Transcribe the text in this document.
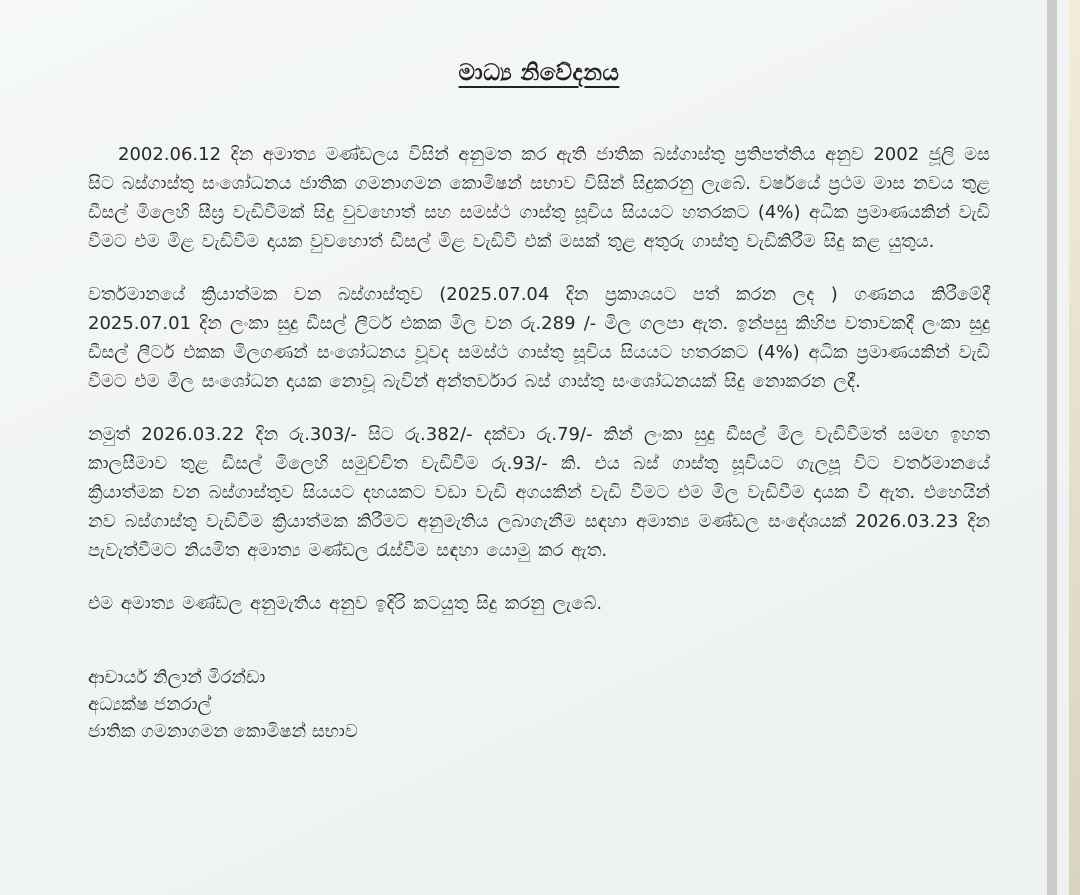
මාධ්‍ය නිවේදනය

2002.06.12 දින අමාත්‍ය මණ්ඩලය විසින් අනුමත කර ඇති ජාතික බස්ගාස්තු ප්‍රතිපත්තිය අනුව 2002 ජූලි මස සිට බස්ගාස්තු සංශෝධනය ජාතික ගමනාගමන කොමිෂන් සභාව විසින් සිදුකරනු ලැබේ. වර්ෂයේ ප්‍රථම මාස නවය තුළ ඩීසල් මිලෙහි සීඝ්‍ර වැඩිවීමක් සිදු වුවහොත් සහ සමස්ථ ගාස්තු සූචිය සියයට හතරකට (4%) අධික ප්‍රමාණයකින් වැඩි වීමට එම මිළ වැඩිවීම දායක වුවහොත් ඩීසල් මිළ වැඩිවී එක් මසක් තුළ අතුරු ගාස්තු වැඩිකිරීම සිදු කළ යුතුය.

වර්තමානයේ ක්‍රියාත්මක වන බස්ගාස්තුව (2025.07.04 දින ප්‍රකාශයට පත් කරන ලද ) ගණනය කිරීමේදී 2025.07.01 දින ලංකා සුදු ඩීසල් ලීටර් එකක මිල වන රු.289 /- මිල ගලපා ඇත. ඉන්පසු කිහිප වතාවකදී ලංකා සුදු ඩීසල් ලීටර් එකක මිලගණන් සංශෝධනය වූවද සමස්ථ ගාස්තු සූචිය සියයට හතරකට (4%) අධික ප්‍රමාණයකින් වැඩි වීමට එම මිල සංශෝධන දායක නොවූ බැවින් අන්තර්වාර බස් ගාස්තු සංශෝධනයක් සිදු නොකරන ලදී.

නමුත් 2026.03.22 දින රු.303/- සිට රු.382/- දක්වා රු.79/- කින් ලංකා සුදු ඩීසල් මිල වැඩිවීමත් සමඟ ඉහත කාලසීමාව තුළ ඩීසල් මිලෙහි සමුච්චිත වැඩිවීම රු.93/- කි. එය බස් ගාස්තු සූචියට ගැලපූ විට වර්තමානයේ ක්‍රියාත්මක වන බස්ගාස්තුව සියයට දහයකට වඩා වැඩි අගයකින් වැඩි වීමට එම මිල වැඩිවීම දායක වී ඇත. එහෙයින් නව බස්ගාස්තු වැඩිවීම ක්‍රියාත්මක කිරීමට අනුමැතිය ලබාගැනීම සඳහා අමාත්‍ය මණ්ඩල සංදේශයක් 2026.03.23 දින පැවැත්වීමට නියමිත අමාත්‍ය මණ්ඩල රැස්වීම සඳහා යොමු කර ඇත.

එම අමාත්‍ය මණ්ඩල අනුමැතිය අනුව ඉදිරි කටයුතු සිදු කරනු ලැබේ.

ආචාර්ය නිලාන් මිරන්ඩා
අධ්‍යක්ෂ ජනරාල්
ජාතික ගමනාගමන කොමිෂන් සභාව
